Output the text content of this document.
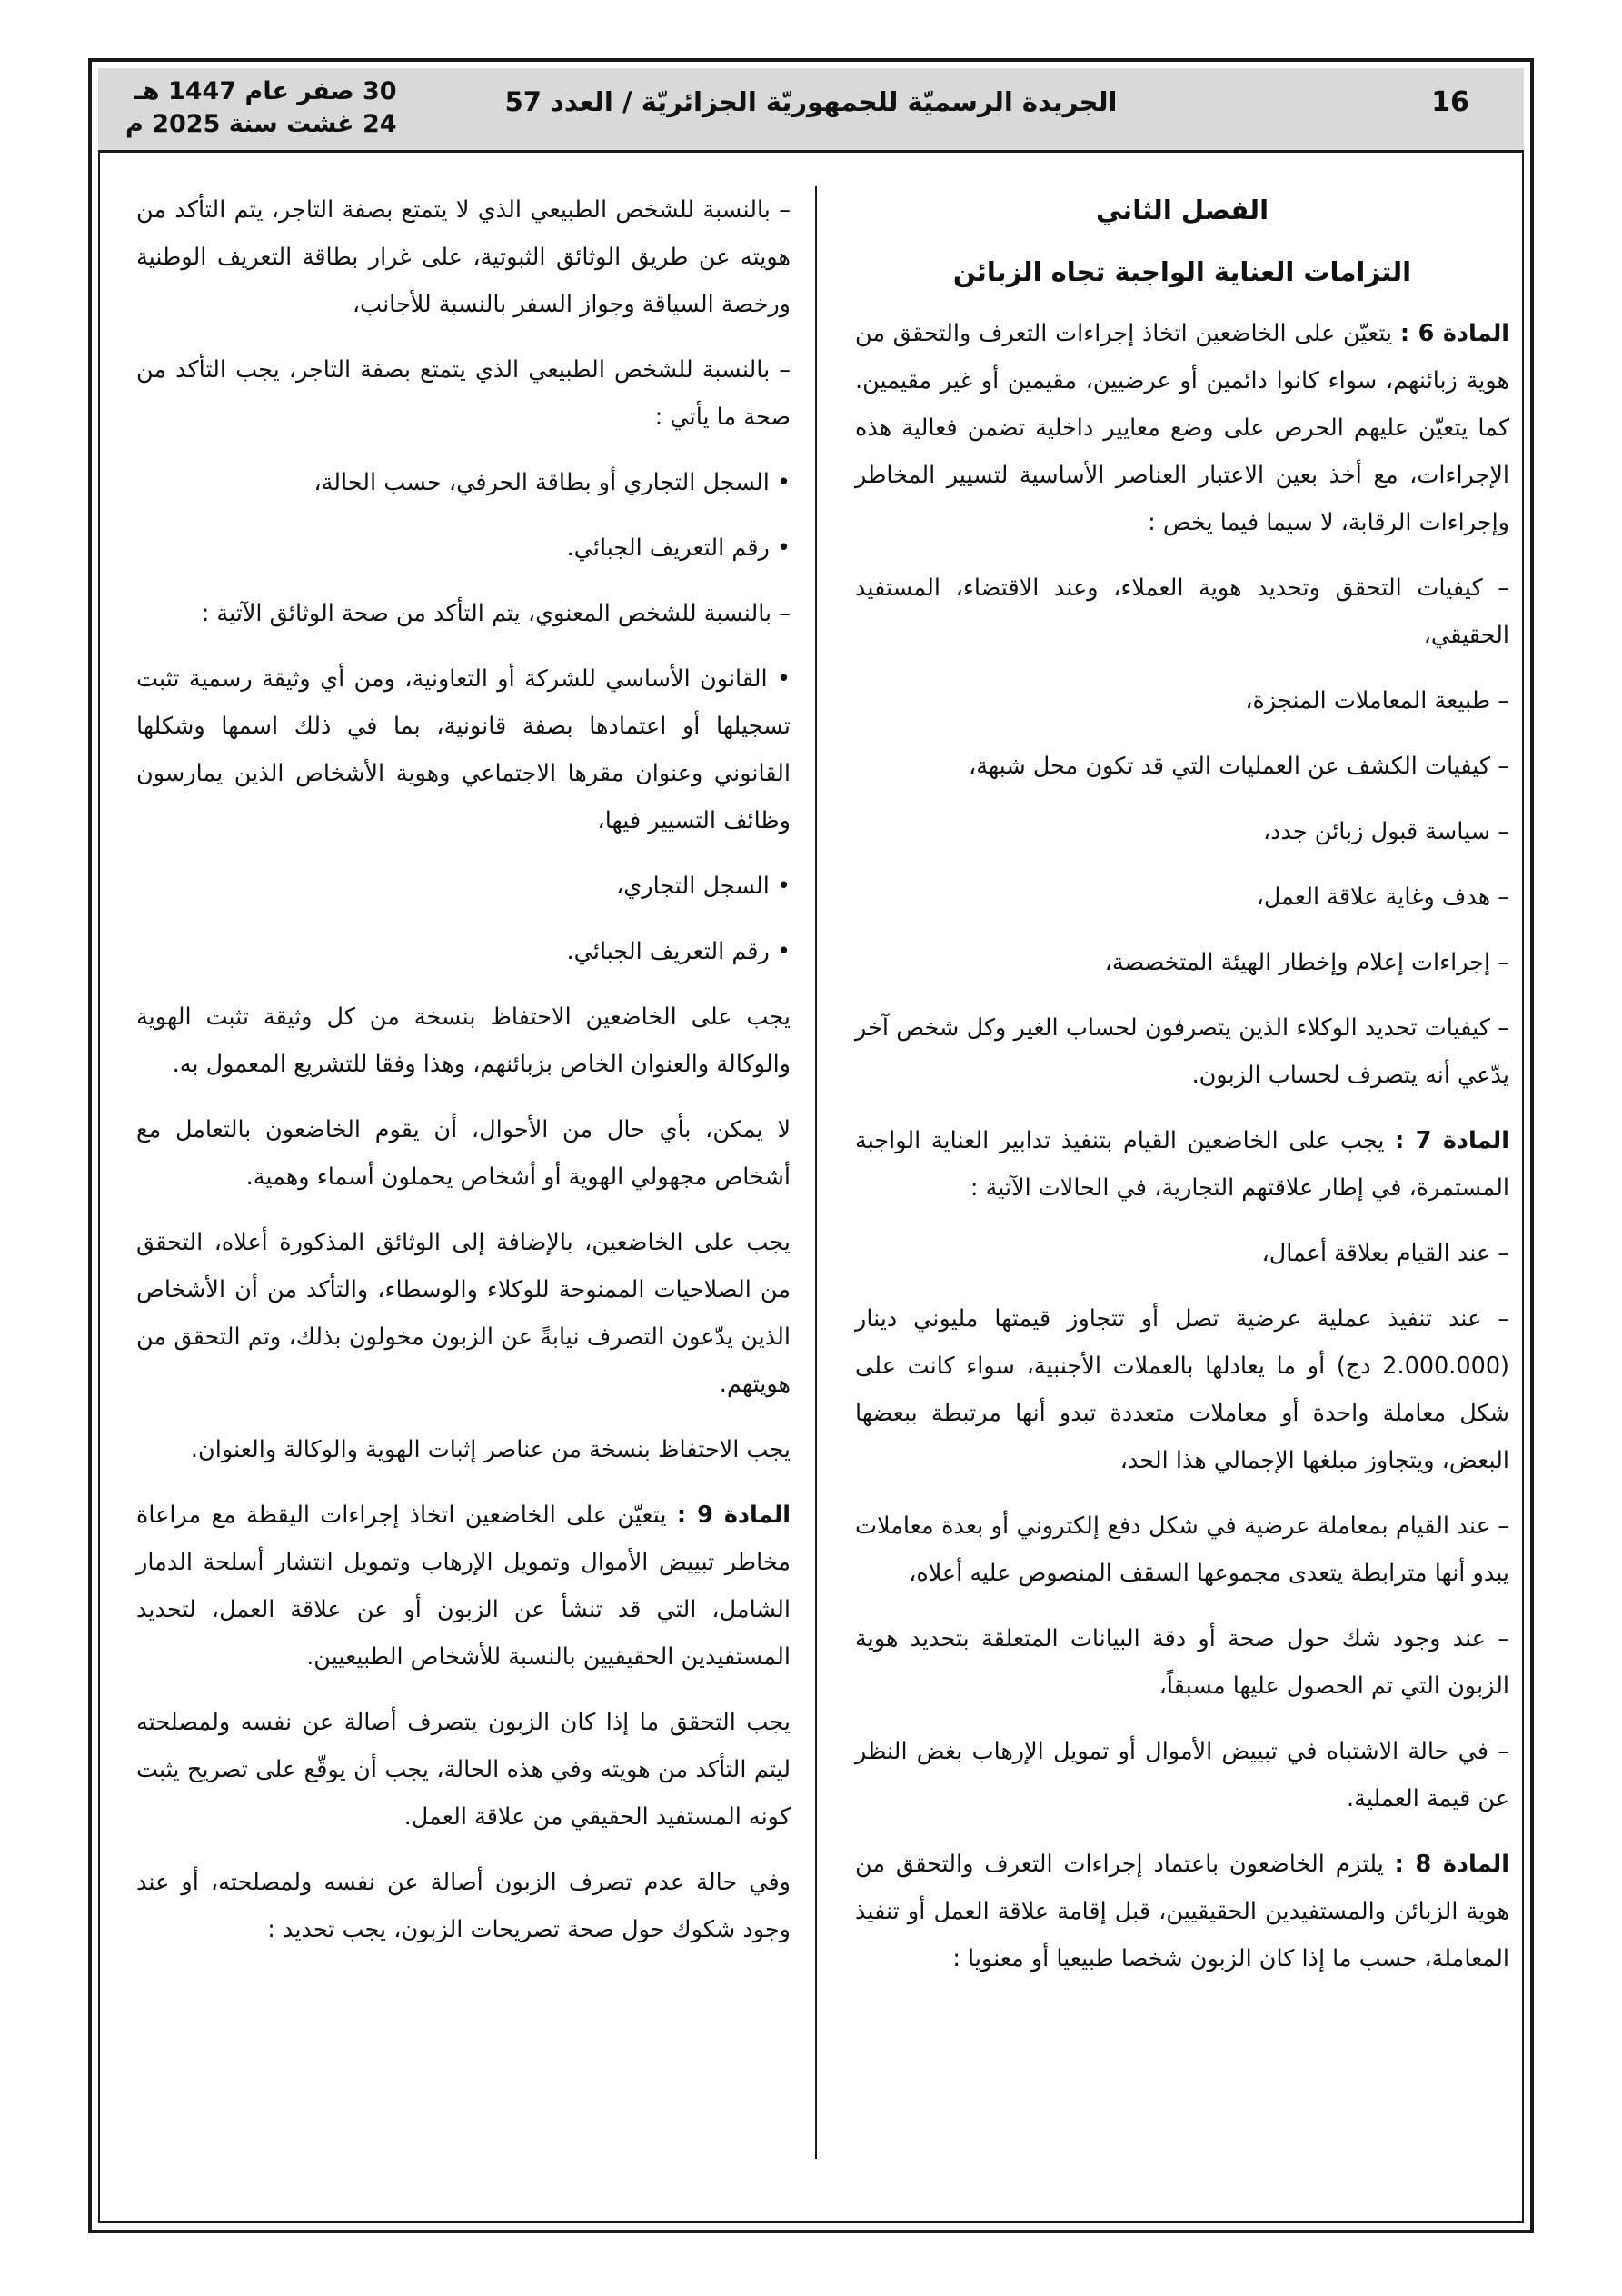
16
الجريدة الرسميّة للجمهوريّة الجزائريّة / العدد 57
30 صفر عام 1447 هـ
24 غشت سنة 2025 م

الفصل الثاني

التزامات العناية الواجبة تجاه الزبائن

المادة 6 : يتعيّن على الخاضعين اتخاذ إجراءات التعرف والتحقق من هوية زبائنهم، سواء كانوا دائمين أو عرضيين، مقيمين أو غير مقيمين. كما يتعيّن عليهم الحرص على وضع معايير داخلية تضمن فعالية هذه الإجراءات، مع أخذ بعين الاعتبار العناصر الأساسية لتسيير المخاطر وإجراءات الرقابة، لا سيما فيما يخص :

– كيفيات التحقق وتحديد هوية العملاء، وعند الاقتضاء، المستفيد الحقيقي،

– طبيعة المعاملات المنجزة،

– كيفيات الكشف عن العمليات التي قد تكون محل شبهة،

– سياسة قبول زبائن جدد،

– هدف وغاية علاقة العمل،

– إجراءات إعلام وإخطار الهيئة المتخصصة،

– كيفيات تحديد الوكلاء الذين يتصرفون لحساب الغير وكل شخص آخر يدّعي أنه يتصرف لحساب الزبون.

المادة 7 : يجب على الخاضعين القيام بتنفيذ تدابير العناية الواجبة المستمرة، في إطار علاقتهم التجارية، في الحالات الآتية :

– عند القيام بعلاقة أعمال،

– عند تنفيذ عملية عرضية تصل أو تتجاوز قيمتها مليوني دينار (2.000.000 دج) أو ما يعادلها بالعملات الأجنبية، سواء كانت على شكل معاملة واحدة أو معاملات متعددة تبدو أنها مرتبطة ببعضها البعض، ويتجاوز مبلغها الإجمالي هذا الحد،

– عند القيام بمعاملة عرضية في شكل دفع إلكتروني أو بعدة معاملات يبدو أنها مترابطة يتعدى مجموعها السقف المنصوص عليه أعلاه،

– عند وجود شك حول صحة أو دقة البيانات المتعلقة بتحديد هوية الزبون التي تم الحصول عليها مسبقاً،

– في حالة الاشتباه في تبييض الأموال أو تمويل الإرهاب بغض النظر عن قيمة العملية.

المادة 8 : يلتزم الخاضعون باعتماد إجراءات التعرف والتحقق من هوية الزبائن والمستفيدين الحقيقيين، قبل إقامة علاقة العمل أو تنفيذ المعاملة، حسب ما إذا كان الزبون شخصا طبيعيا أو معنويا :

– بالنسبة للشخص الطبيعي الذي لا يتمتع بصفة التاجر، يتم التأكد من هويته عن طريق الوثائق الثبوتية، على غرار بطاقة التعريف الوطنية ورخصة السياقة وجواز السفر بالنسبة للأجانب،

– بالنسبة للشخص الطبيعي الذي يتمتع بصفة التاجر، يجب التأكد من صحة ما يأتي :

• السجل التجاري أو بطاقة الحرفي، حسب الحالة،

• رقم التعريف الجبائي.

– بالنسبة للشخص المعنوي، يتم التأكد من صحة الوثائق الآتية :

• القانون الأساسي للشركة أو التعاونية، ومن أي وثيقة رسمية تثبت تسجيلها أو اعتمادها بصفة قانونية، بما في ذلك اسمها وشكلها القانوني وعنوان مقرها الاجتماعي وهوية الأشخاص الذين يمارسون وظائف التسيير فيها،

• السجل التجاري،

• رقم التعريف الجبائي.

يجب على الخاضعين الاحتفاظ بنسخة من كل وثيقة تثبت الهوية والوكالة والعنوان الخاص بزبائنهم، وهذا وفقا للتشريع المعمول به.

لا يمكن، بأي حال من الأحوال، أن يقوم الخاضعون بالتعامل مع أشخاص مجهولي الهوية أو أشخاص يحملون أسماء وهمية.

يجب على الخاضعين، بالإضافة إلى الوثائق المذكورة أعلاه، التحقق من الصلاحيات الممنوحة للوكلاء والوسطاء، والتأكد من أن الأشخاص الذين يدّعون التصرف نيابةً عن الزبون مخولون بذلك، وتم التحقق من هويتهم.

يجب الاحتفاظ بنسخة من عناصر إثبات الهوية والوكالة والعنوان.

المادة 9 : يتعيّن على الخاضعين اتخاذ إجراءات اليقظة مع مراعاة مخاطر تبييض الأموال وتمويل الإرهاب وتمويل انتشار أسلحة الدمار الشامل، التي قد تنشأ عن الزبون أو عن علاقة العمل، لتحديد المستفيدين الحقيقيين بالنسبة للأشخاص الطبيعيين.

يجب التحقق ما إذا كان الزبون يتصرف أصالة عن نفسه ولمصلحته ليتم التأكد من هويته وفي هذه الحالة، يجب أن يوقّع على تصريح يثبت كونه المستفيد الحقيقي من علاقة العمل.

وفي حالة عدم تصرف الزبون أصالة عن نفسه ولمصلحته، أو عند وجود شكوك حول صحة تصريحات الزبون، يجب تحديد :
